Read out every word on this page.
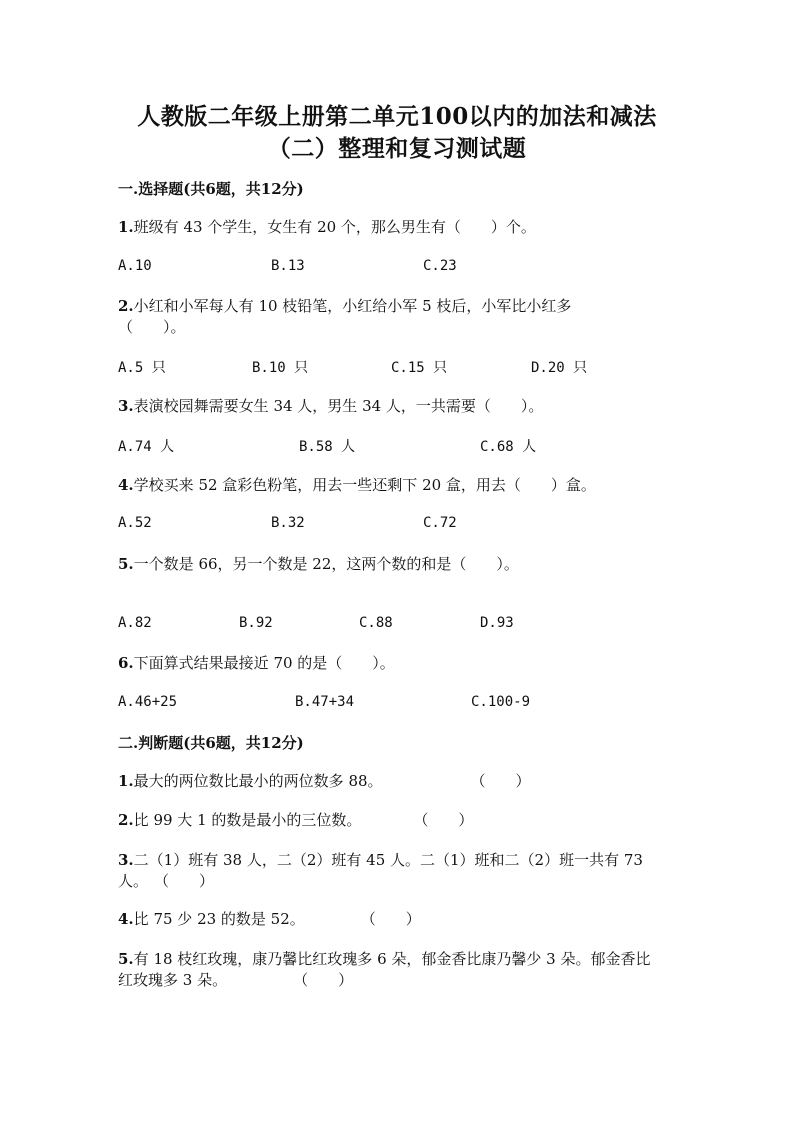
人教版二年级上册第二单元100以内的加法和减法
（二）整理和复习测试题
一.选择题(共6题，共12分)
1.班级有 43 个学生，女生有 20 个，那么男生有（　　）个。
A.10	B.13	C.23
2.小红和小军每人有 10 枝铅笔，小红给小军 5 枝后，小军比小红多
（　　）。
A.5 只	B.10 只	C.15 只	D.20 只
3.表演校园舞需要女生 34 人，男生 34 人，一共需要（　　）。
A.74 人	B.58 人	C.68 人
4.学校买来 52 盒彩色粉笔，用去一些还剩下 20 盒，用去（　　）盒。
A.52	B.32	C.72
5.一个数是 66，另一个数是 22，这两个数的和是（　　）。
A.82	B.92	C.88	D.93
6.下面算式结果最接近 70 的是（　　）。
A.46+25	B.47+34	C.100-9
二.判断题(共6题，共12分)
1.最大的两位数比最小的两位数多 88。	（　　）
2.比 99 大 1 的数是最小的三位数。	（　　）
3.二（1）班有 38 人，二（2）班有 45 人。二（1）班和二（2）班一共有 73
人。 （　　）
4.比 75 少 23 的数是 52。	（　　）
5.有 18 枝红玫瑰，康乃馨比红玫瑰多 6 朵，郁金香比康乃馨少 3 朵。郁金香比
红玫瑰多 3 朵。	（　　）
